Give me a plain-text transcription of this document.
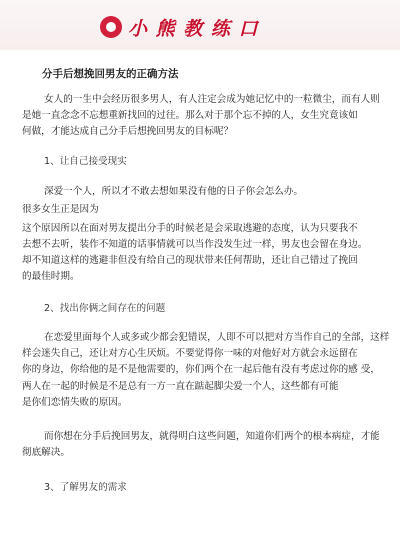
小 熊 教 练 口
分手后想挽回男友的正确方法
女人的一生中会经历很多男人，有人注定会成为她记忆中的一粒微尘，而有人则
是她一直念念不忘想重新找回的过往。那么对于那个忘不掉的人，女生究竟该如
何做，才能达成自己分手后想挽回男友的目标呢？
1、让自己接受现实
深爱一个人，所以才不敢去想如果没有他的日子你会怎么办。
很多女生正是因为
这个原因所以在面对男友提出分手的时候老是会采取逃避的态度，认为只要我不
去想不去听，装作不知道的话事情就可以当作没发生过一样，男友也会留在身边。
却不知道这样的逃避非但没有给自己的现状带来任何帮助，还让自己错过了挽回
的最佳时期。
2、找出你俩之间存在的问题
在恋爱里面每个人或多或少都会犯错误，人即不可以把对方当作自己的全部，这样
样会迷失自己，还让对方心生厌烦。不要觉得你一味的对他好对方就会永远留在
你的身边，你给他的是不是他需要的，你们两个在一起后他有没有考虑过你的感 受，
两人在一起的时候是不是总有一方一直在踮起脚尖爱一个人，这些都有可能
是你们恋情失败的原因。
而你想在分手后挽回男友，就得明白这些问题，知道你们两个的根本病症，才能
彻底解决。
3、了解男友的需求
